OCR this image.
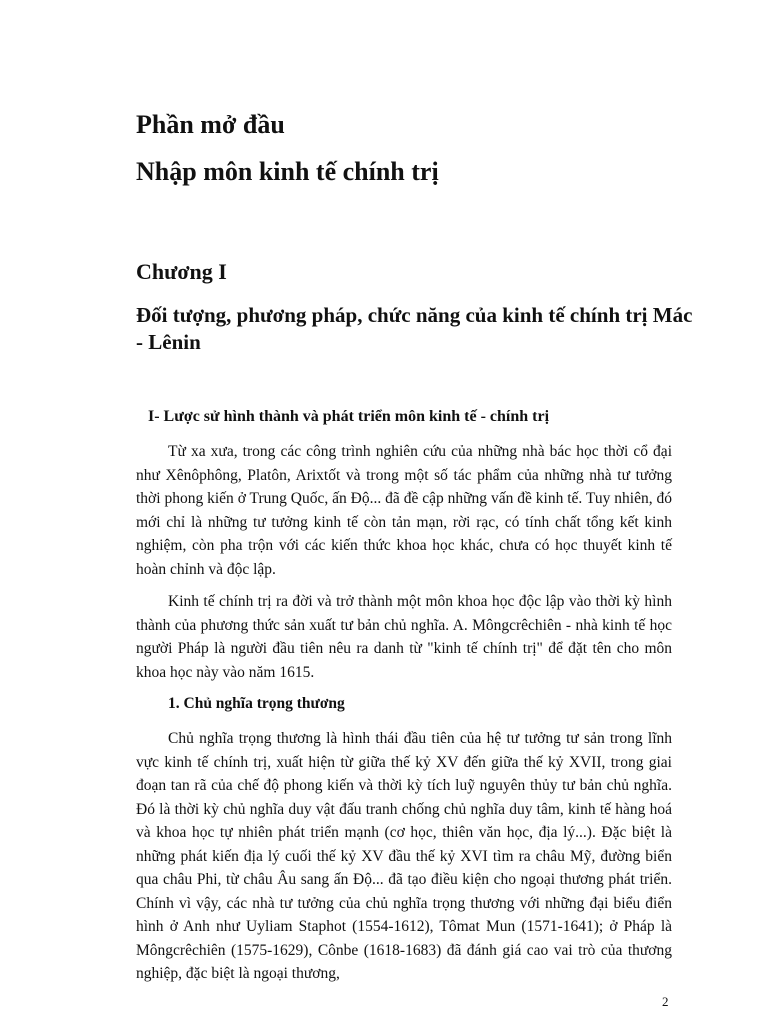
Phần mở đầu
Nhập môn kinh tế chính trị
Chương I
Đối tượng, phương pháp, chức năng của kinh tế chính trị Mác - Lênin
I- Lược sử hình thành và phát triển môn kinh tế - chính trị

Từ xa xưa, trong các công trình nghiên cứu của những nhà bác học thời cổ đại như Xênôphông, Platôn, Arixtốt và trong một số tác phẩm của những nhà tư tưởng thời phong kiến ở Trung Quốc, ấn Độ... đã đề cập những vấn đề kinh tế. Tuy nhiên, đó mới chỉ là những tư tưởng kinh tế còn tản mạn, rời rạc, có tính chất tổng kết kinh nghiệm, còn pha trộn với các kiến thức khoa học khác, chưa có học thuyết kinh tế hoàn chỉnh và độc lập.

Kinh tế chính trị ra đời và trở thành một môn khoa học độc lập vào thời kỳ hình thành của phương thức sản xuất tư bản chủ nghĩa. A. Môngcrêchiên - nhà kinh tế học người Pháp là người đầu tiên nêu ra danh từ "kinh tế chính trị" để đặt tên cho môn khoa học này vào năm 1615.

1. Chủ nghĩa trọng thương

Chủ nghĩa trọng thương là hình thái đầu tiên của hệ tư tưởng tư sản trong lĩnh vực kinh tế chính trị, xuất hiện từ giữa thế kỷ XV đến giữa thế kỷ XVII, trong giai đoạn tan rã của chế độ phong kiến và thời kỳ tích luỹ nguyên thủy tư bản chủ nghĩa. Đó là thời kỳ chủ nghĩa duy vật đấu tranh chống chủ nghĩa duy tâm, kinh tế hàng hoá và khoa học tự nhiên phát triển mạnh (cơ học, thiên văn học, địa lý...). Đặc biệt là những phát kiến địa lý cuối thế kỷ XV đầu thế kỷ XVI tìm ra châu Mỹ, đường biển qua châu Phi, từ châu Âu sang ấn Độ... đã tạo điều kiện cho ngoại thương phát triển. Chính vì vậy, các nhà tư tưởng của chủ nghĩa trọng thương với những đại biểu điển hình ở Anh như Uyliam Staphot (1554-1612), Tômat Mun (1571-1641); ở Pháp là Môngcrêchiên (1575-1629), Cônbe (1618-1683) đã đánh giá cao vai trò của thương nghiệp, đặc biệt là ngoại thương,

2
